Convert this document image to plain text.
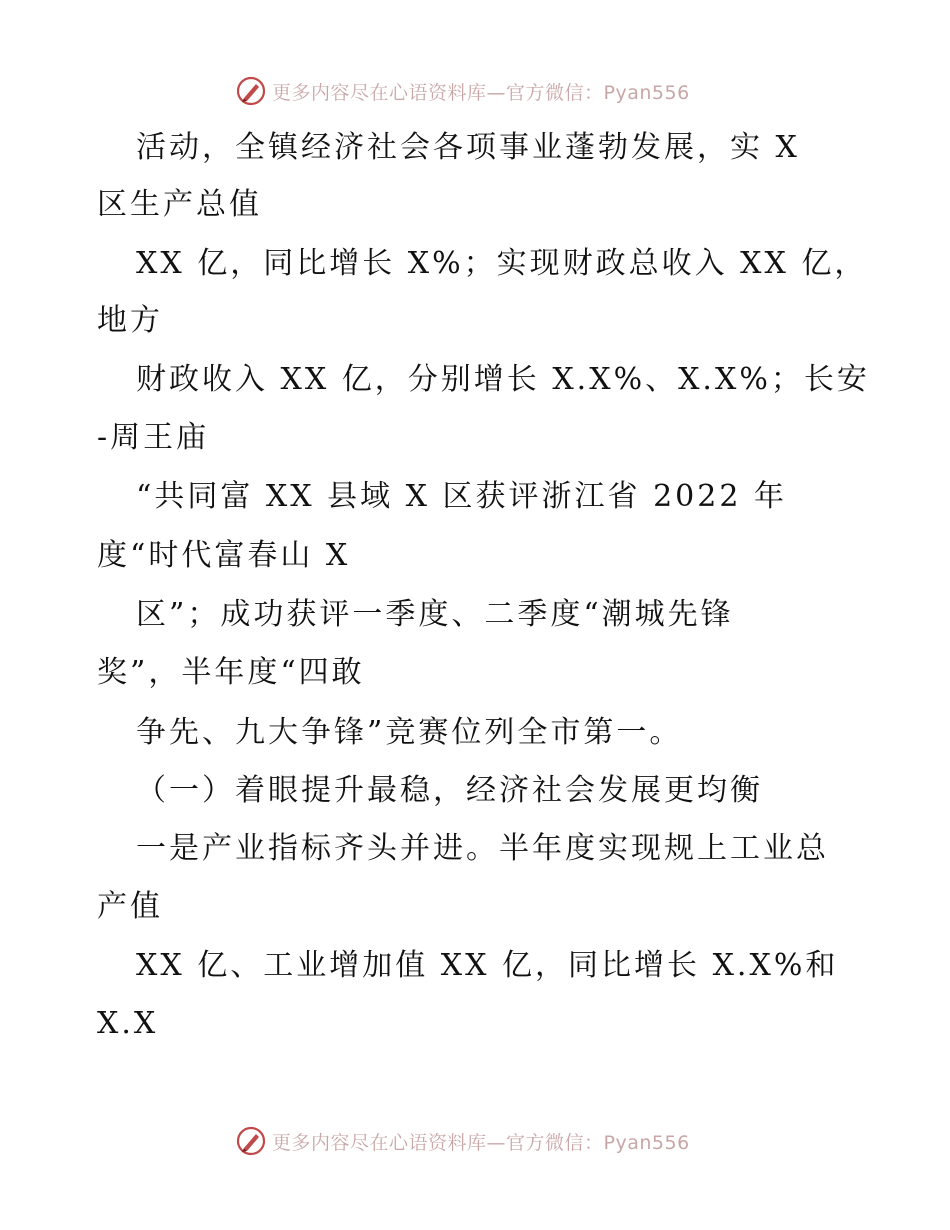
更多内容尽在心语资料库—官方微信：Pyan556
活动，全镇经济社会各项事业蓬勃发展，实 X
区生产总值
XX 亿，同比增长 X%；实现财政总收入 XX 亿，
地方
财政收入 XX 亿，分别增长 X.X%、X.X%；长安
-周王庙
“共同富 XX 县域 X 区获评浙江省 2022 年
度“时代富春山 X
区”；成功获评一季度、二季度“潮城先锋
奖”，半年度“四敢
争先、九大争锋”竞赛位列全市第一。
（一）着眼提升最稳，经济社会发展更均衡
一是产业指标齐头并进。半年度实现规上工业总
产值
XX 亿、工业增加值 XX 亿，同比增长 X.X%和
X.X
更多内容尽在心语资料库—官方微信：Pyan556
